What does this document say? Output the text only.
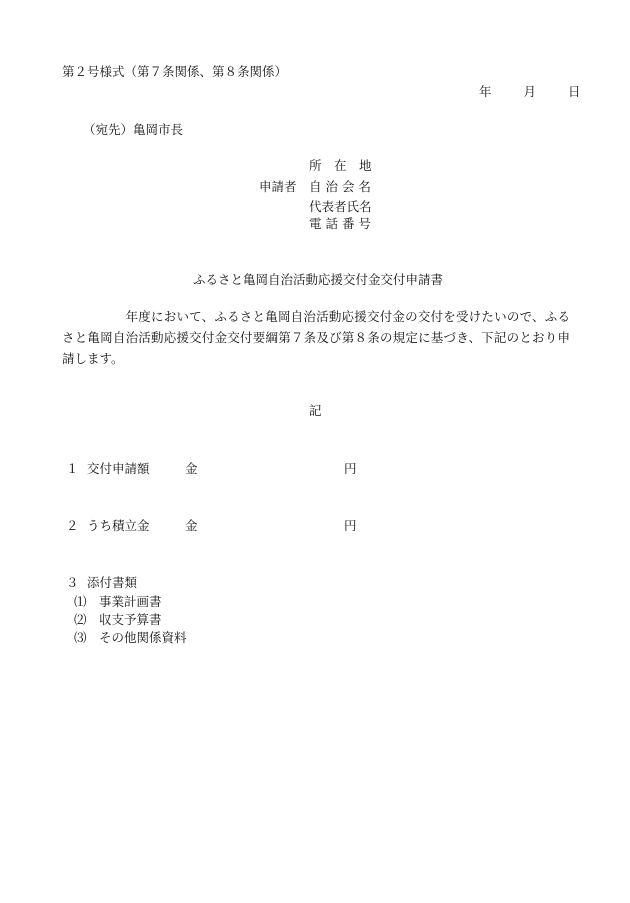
第２号様式（第７条関係、第８条関係）
年	月	日
（宛先）亀岡市長
申請者
所　在　地
自 治 会 名
代表者氏名
電 話 番 号
ふるさと亀岡自治活動応援交付金交付申請書

　　　　　年度において、ふるさと亀岡自治活動応援交付金の交付を受けたいので、ふるさと亀岡自治活動応援交付金交付要綱第７条及び第８条の規定に基づき、下記のとおり申請します。

記
１ 交付申請額	金	円
２ うち積立金	金	円
３ 添付書類
⑴ 事業計画書
⑵ 収支予算書
⑶ その他関係資料
